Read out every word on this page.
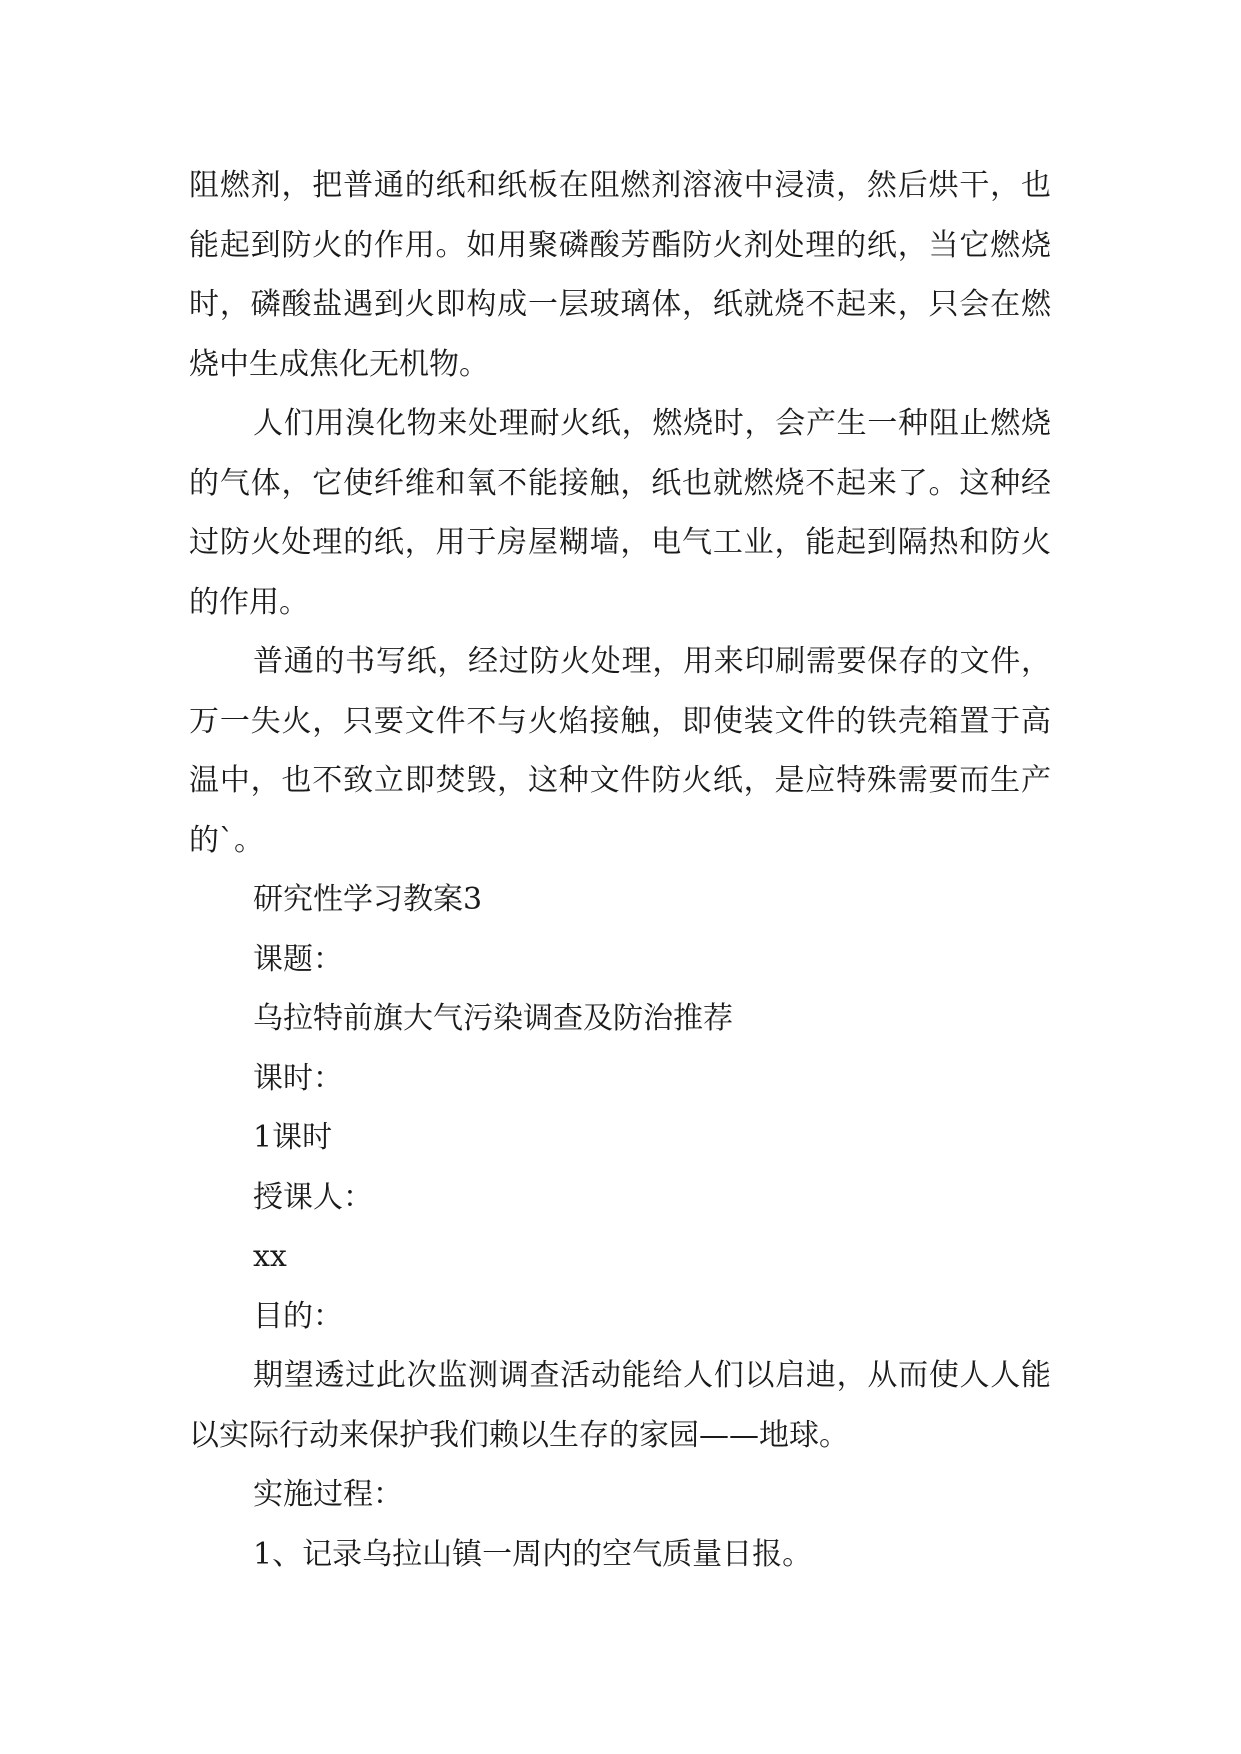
阻燃剂，把普通的纸和纸板在阻燃剂溶液中浸渍，然后烘干，也能起到防火的作用。如用聚磷酸芳酯防火剂处理的纸，当它燃烧时，磷酸盐遇到火即构成一层玻璃体，纸就烧不起来，只会在燃烧中生成焦化无机物。

人们用溴化物来处理耐火纸，燃烧时，会产生一种阻止燃烧的气体，它使纤维和氧不能接触，纸也就燃烧不起来了。这种经过防火处理的纸，用于房屋糊墙，电气工业，能起到隔热和防火的作用。

普通的书写纸，经过防火处理，用来印刷需要保存的文件，万一失火，只要文件不与火焰接触，即使装文件的铁壳箱置于高温中，也不致立即焚毁，这种文件防火纸，是应特殊需要而生产的`。

研究性学习教案3

课题：

乌拉特前旗大气污染调查及防治推荐

课时：

1课时

授课人：

xx

目的：

期望透过此次监测调查活动能给人们以启迪，从而使人人能以实际行动来保护我们赖以生存的家园——地球。

实施过程：

1、记录乌拉山镇一周内的空气质量日报。
